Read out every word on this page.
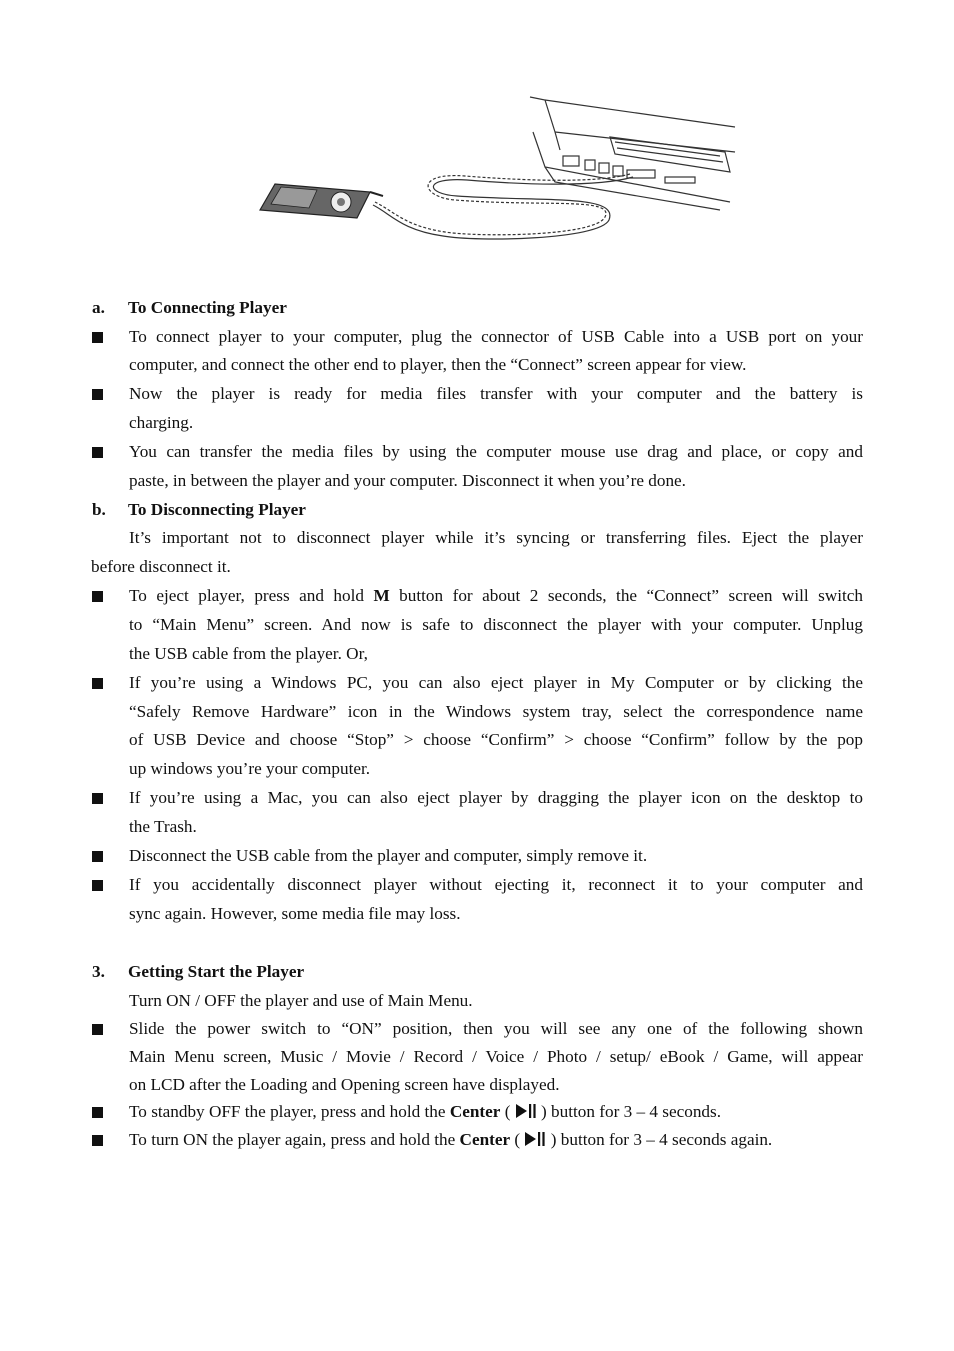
a. To Connecting Player
To connect player to your computer, plug the connector of USB Cable into a USB port on your
computer, and connect the other end to player, then the “Connect” screen appear for view.
Now the player is ready for media files transfer with your computer and the battery is
charging.
You can transfer the media files by using the computer mouse use drag and place, or copy and
paste, in between the player and your computer. Disconnect it when you’re done.
b. To Disconnecting Player
It’s important not to disconnect player while it’s syncing or transferring files. Eject the player
before disconnect it.
To eject player, press and hold M button for about 2 seconds, the “Connect” screen will switch
to “Main Menu” screen. And now is safe to disconnect the player with your computer. Unplug
the USB cable from the player. Or,
If you’re using a Windows PC, you can also eject player in My Computer or by clicking the
“Safely Remove Hardware” icon in the Windows system tray, select the correspondence name
of USB Device and choose “Stop” > choose “Confirm” > choose “Confirm” follow by the pop
up windows you’re your computer.
If you’re using a Mac, you can also eject player by dragging the player icon on the desktop to
the Trash.
Disconnect the USB cable from the player and computer, simply remove it.
If you accidentally disconnect player without ejecting it, reconnect it to your computer and
sync again. However, some media file may loss.
3. Getting Start the Player
Turn ON / OFF the player and use of Main Menu.
Slide the power switch to “ON” position, then you will see any one of the following shown
Main Menu screen, Music / Movie / Record / Voice / Photo / setup/ eBook / Game, will appear
on LCD after the Loading and Opening screen have displayed.
To standby OFF the player, press and hold the Center (  ) button for 3 – 4 seconds.
To turn ON the player again, press and hold the Center (  ) button for 3 – 4 seconds again.
